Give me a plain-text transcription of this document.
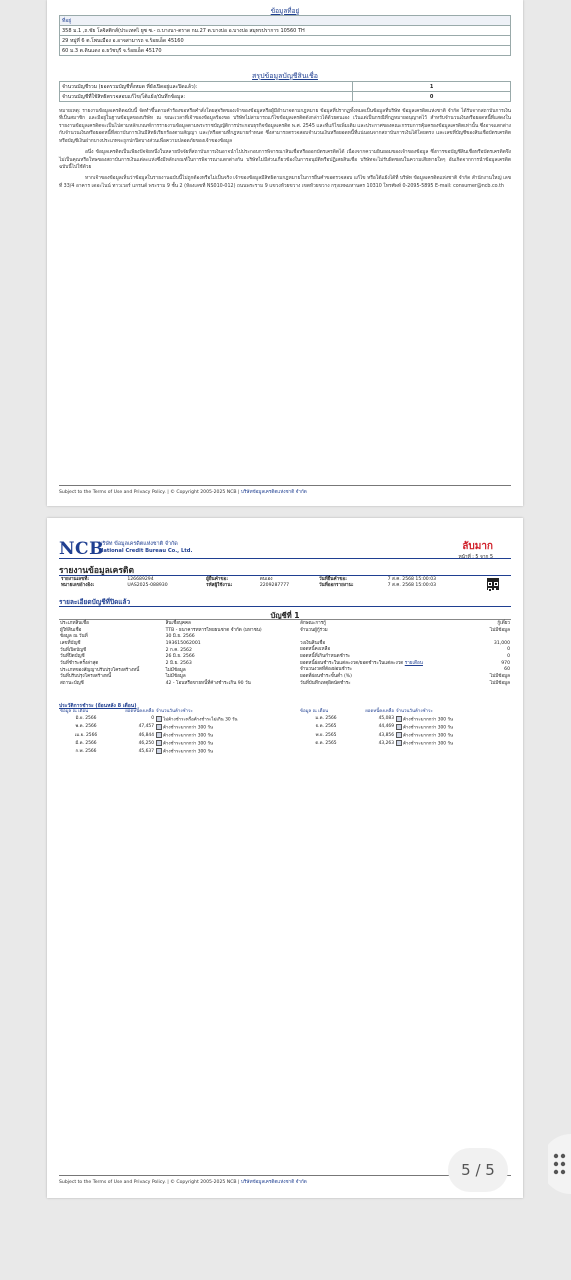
ข้อมูลที่อยู่
ที่อยู่
358 ม.1 ,ถ.ชัย โลจิสติกส์(ประเทศไ ยูซ ซ.- ถ.บางนา-ตราด กม.27 ต.บางบ่อ อ.บางบ่อ สมุทรปราการ 10560 TH
29 หมู่ที่ 6 ต.โพนเมือง อ.อาจสามารถ จ.ร้อยเอ็ด 45160
60 ม.3 ต.ดินแดง อ.ธวัชบุรี จ.ร้อยเอ็ด 45170
สรุปข้อมูลบัญชีสินเชื่อ
จำนวนบัญชีรวม (ยอดรวมบัญชีทั้งหมด ที่ยังเปิดอยู่และปิดแล้ว):	1
จำนวนบัญชีที่ใช้สิทธิตรวจสอบแก้ไข/โต้แย้ง/บันทึกข้อมูล:	0

หมายเหตุ: รายงานข้อมูลเครดิตฉบับนี้ จัดทำขึ้นตามคำร้องขอหรือคำสั่งโดยสุจริตของเจ้าของข้อมูลหรือผู้มีอำนาจตามกฎหมาย ข้อมูลที่ปรากฏทั้งหมดเป็นข้อมูลที่บริษัท ข้อมูลเครดิตแห่งชาติ จำกัด ได้รับจากสถาบันการเงินที่เป็นสมาชิก และมีอยู่ในฐานข้อมูลของบริษัท ณ ขณะเวลาที่เจ้าของข้อมูลร้องขอ บริษัทไม่สามารถแก้ไขข้อมูลเครดิตดังกล่าวได้ด้วยตนเอง เว้นแต่เป็นกรณีที่กฎหมายอนุญาตไว้ สำหรับจำนวนเงินหรือยอดหนี้ที่แสดงในรายงานข้อมูลเครดิตจะเป็นไปตามหลักเกณฑ์การรายงานข้อมูลตามพระราชบัญญัติการประกอบธุรกิจข้อมูลเครดิต พ.ศ. 2545 และที่แก้ไขเพิ่มเติม และประกาศของคณะกรรมการคุ้มครองข้อมูลเครดิตเท่านั้น ซึ่งอาจแตกต่างกับจำนวนเงินหรือยอดหนี้ที่สถาบันการเงินมีสิทธิเรียกร้องตามสัญญา และ/หรือตามที่กฎหมายกำหนด ซึ่งสามารถตรวจสอบจำนวนเงินหรือยอดหนี้ที่แน่นอนจากสถาบันการเงินได้โดยตรง และเลขที่บัญชีของสินเชื่อบัตรเครดิตหรือบัญชีเงินฝากบางประเภทจะถูกปกปิดบางส่วนเพื่อความปลอดภัยของเจ้าของข้อมูล

อนึ่ง ข้อมูลเครดิตเป็นเพียงปัจจัยหนึ่งในหลายปัจจัยที่สถาบันการเงินอาจนำไปประกอบการพิจารณาสินเชื่อหรือออกบัตรเครดิตได้ เนื่องจากความยินยอมของเจ้าของข้อมูล ซึ่งการขอบัญชีสินเชื่อหรือบัตรเครดิตจึงไม่เป็นคุณหรือโทษของสถาบันการเงินแต่ละแห่งซึ่งมีหลักเกณฑ์ในการพิจารณาแตกต่างกัน บริษัทไม่มีส่วนเกี่ยวข้องในการอนุมัติหรือปฏิเสธสินเชื่อ บริษัทจะไม่รับผิดชอบในความเสียหายใดๆ อันเกิดจากการนำข้อมูลเครดิตฉบับนี้ไปใช้ด้วย

หากเจ้าของข้อมูลเห็นว่าข้อมูลในรายงานฉบับนี้ไม่ถูกต้องหรือไม่เป็นจริง เจ้าของข้อมูลมีสิทธิตามกฎหมายในการยื่นคำขอตรวจสอบ แก้ไข หรือโต้แย้งได้ที่ บริษัท ข้อมูลเครดิตแห่งชาติ จำกัด สำนักงานใหญ่ เลขที่ 33/4 อาคาร เดอะไนน์ ทาวเวอร์ แกรนด์ พระราม 9 ชั้น 2 (ห้องเลขที่ NS010-012) ถนนพระราม 9 แขวงห้วยขวาง เขตห้วยขวาง กรุงเทพมหานคร 10310 โทรศัพท์ 0-2095-5895 E-mail: consumer@ncb.co.th

Subject to the Terms of Use and Privacy Policy. | © Copyright 2005-2025 NCB | บริษัทข้อมูลเครดิตแห่งชาติ จำกัด
NCB
บริษัท ข้อมูลเครดิตแห่งชาติ จำกัด
National Credit Bureau Co., Ltd.	ลับมาก
หน้าที่ : 5 จาก 5
รายงานข้อมูลเครดิต
รายงานเลขที่:	126689294	ผู้ยื่นคำขอ:	ตนเอง	วันที่ยื่นคำขอ:	7 ส.ค. 2568 15:00:03
หมายเลขอ้างอิง:	UAS2025-088930	รหัสผู้ใช้งาน:	2209287777	วันที่ออกรายงาน:	7 ส.ค. 2568 15:00:03
รายละเอียดบัญชีที่ปิดแล้ว
บัญชีที่ 1
ประเภทสินเชื่อ	สินเชื่อบุคคล
ผู้ให้สินเชื่อ	TTB - ธนาคารทหารไทยธนชาต จำกัด (มหาชน)
ข้อมูล ณ วันที่	30 มิ.ย. 2566
เลขที่บัญชี	193615062001
วันที่เปิดบัญชี	2 ก.ค. 2562
วันที่ปิดบัญชี	26 มิ.ย. 2566
วันที่ชำระครั้งล่าสุด	2 มิ.ย. 2563
ประเภทของสัญญาปรับปรุงโครงสร้างหนี้	ไม่มีข้อมูล
วันที่ปรับปรุงโครงสร้างหนี้	ไม่มีข้อมูล
สถานะบัญชี	42 - โอนหรือขายหนี้ที่ค้างชำระเกิน 90 วัน
ลักษณะการกู้	กู้เดี่ยว
จำนวนผู้กู้ร่วม	ไม่มีข้อมูล

วงเงินสินเชื่อ	31,000
ยอดหนี้คงเหลือ	0
ยอดหนี้ที่เกินกำหนดชำระ	0
ยอดหนี้ผ่อนชำระในแต่ละงวด/ยอดชำระในแต่ละงวด รายเดือน	970
จำนวนงวดที่ต้องผ่อนชำระ	60
ยอดที่ผ่อนชำระขั้นต่ำ (%)	ไม่มีข้อมูล
วันที่บันทึกเหตุผิดนัดชำระ	ไม่มีข้อมูล
ประวัติการชำระ (ย้อนหลัง 8 เดือน)
ข้อมูล ณ เดือน	ยอดหนี้คงเหลือ	จำนวนวันค้างชำระ
มิ.ย. 2566	0	ไม่ค้างชำระหรือค้างชำระไม่เกิน 30 วัน
พ.ค. 2566	47,457	ค้างชำระมากกว่า 300 วัน
เม.ย. 2566	46,844	ค้างชำระมากกว่า 300 วัน
มี.ค. 2566	46,250	ค้างชำระมากกว่า 300 วัน
ก.พ. 2566	45,637	ค้างชำระมากกว่า 300 วัน
ข้อมูล ณ เดือน	ยอดหนี้คงเหลือ	จำนวนวันค้างชำระ
ม.ค. 2566	45,083	ค้างชำระมากกว่า 300 วัน
ธ.ค. 2565	44,469	ค้างชำระมากกว่า 300 วัน
พ.ย. 2565	43,856	ค้างชำระมากกว่า 300 วัน
ต.ค. 2565	43,263	ค้างชำระมากกว่า 300 วัน
Subject to the Terms of Use and Privacy Policy. | © Copyright 2005-2025 NCB | บริษัทข้อมูลเครดิตแห่งชาติ จำกัด
5 / 5
